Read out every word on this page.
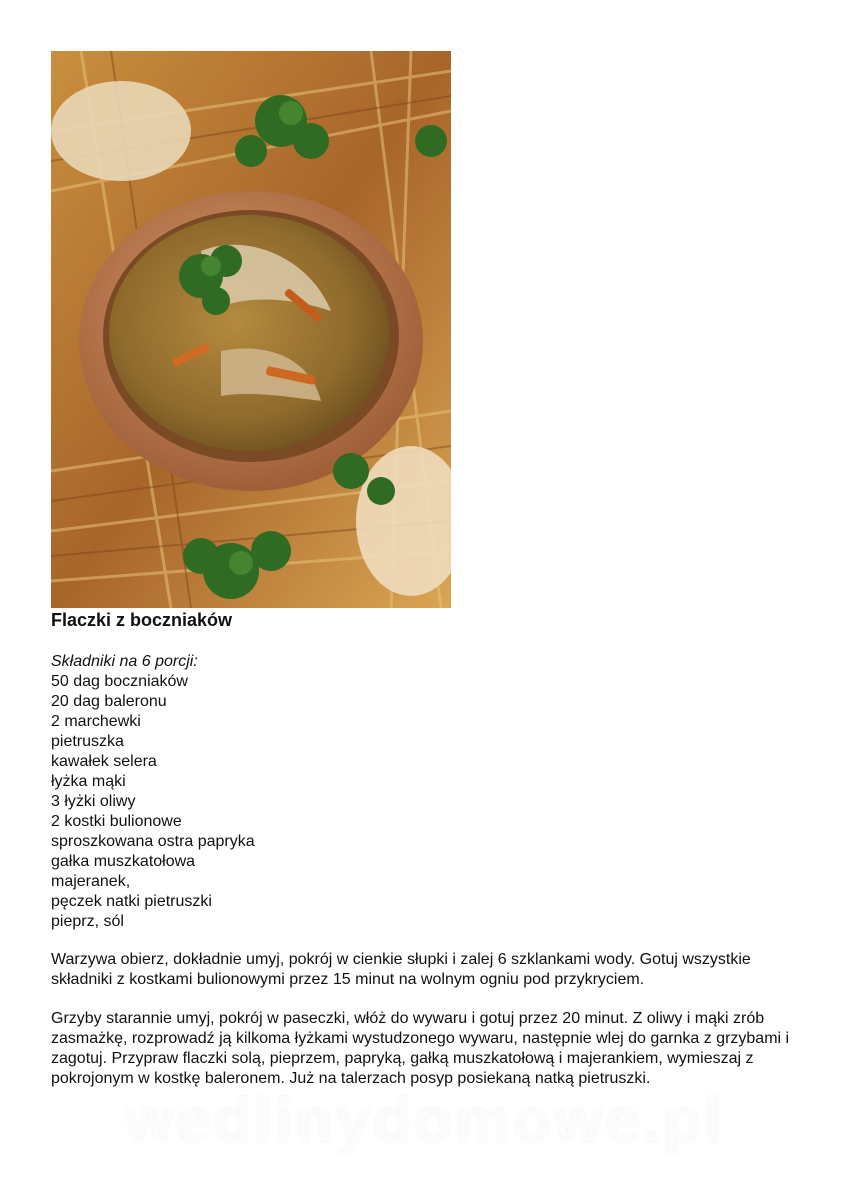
Flaczki z boczniaków
Składniki na 6 porcji:
50 dag boczniaków
20 dag baleronu
2 marchewki
pietruszka
kawałek selera
łyżka mąki
3 łyżki oliwy
2 kostki bulionowe
sproszkowana ostra papryka
gałka muszkatołowa
majeranek,
pęczek natki pietruszki
pieprz, sól

Warzywa obierz, dokładnie umyj, pokrój w cienkie słupki i zalej 6 szklankami wody. Gotuj wszystkie składniki z kostkami bulionowymi przez 15 minut na wolnym ogniu pod przykryciem.

Grzyby starannie umyj, pokrój w paseczki, włóż do wywaru i gotuj przez 20 minut. Z oliwy i mąki zrób zasmażkę, rozprowadź ją kilkoma łyżkami wystudzonego wywaru, następnie wlej do garnka z grzybami i zagotuj. Przypraw flaczki solą, pieprzem, papryką, gałką muszkatołową i majerankiem, wymieszaj z pokrojonym w kostkę baleronem. Już na talerzach posyp posiekaną natką pietruszki.

wedlinydomowe.pl
